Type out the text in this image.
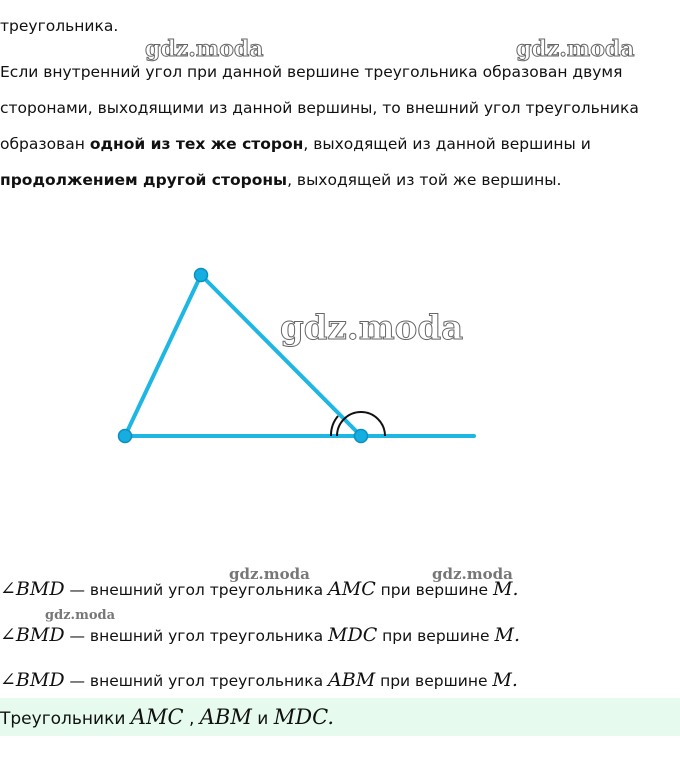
треугольника.
gdz.moda	gdz.moda
Если внутренний угол при данной вершине треугольника образован двумя
сторонами, выходящими из данной вершины, то внешний угол треугольника
образован одной из тех же сторон, выходящей из данной вершины и
продолжением другой стороны, выходящей из той же вершины.
gdz.moda
gdz.moda	gdz.moda
∠BMD — внешний угол треугольника AMC при вершине M.
gdz.moda
∠BMD — внешний угол треугольника MDC при вершине M.
∠BMD — внешний угол треугольника ABM при вершине M.
Треугольники AMC , ABM и MDC.
